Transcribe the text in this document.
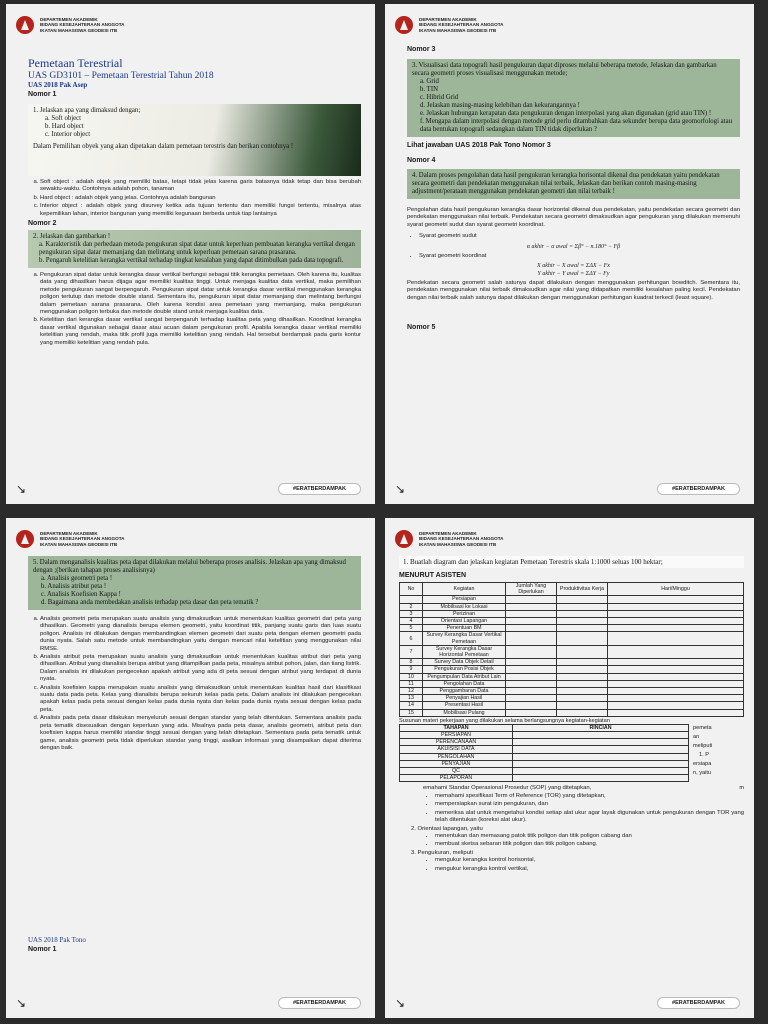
DEPARTEMEN AKADEMIK
BIDANG KESEJAHTERAAN ANGGOTA
IKATAN MAHASISWA GEODESI ITB
Pemetaan Terestrial
UAS GD3101 – Pemetaan Terestrial Tahun 2018
UAS 2018 Pak Asep
Nomor 1
1. Jelaskan apa yang dimaksud dengan;
a. Soft object
b. Hard object
c. Interior object
Dalam Pemilihan obyek yang akan dipetakan dalam pemetaan terestris dan berikan contohnya !
a. Soft object : adalah objek yang memiliki batas, tetapi tidak jelas karena garis batasnya tidak tetap dan bisa berubah sewaktu-waktu. Contohnya adalah pohon, tanaman
b. Hard object : adalah objek yang jelas. Contohnya adalah bangunan
c. Interior object : adalah objek yang disurvey ketika ada tujuan tertentu dan memiliki fungsi tertentu, misalnya atas kepemilikan lahan, interior bangunan yang memiliki kegunaan berbeda untuk tiap lantainya
Nomor 2
2. Jelaskan dan gambarkan !
a. Karakteristik dan perbedaan metoda pengukuran sipat datar untuk keperluan pembuatan kerangka vertikal dengan pengukuran sipat datar memanjang dan melintang untuk keperluan pemetaan sarana prasarana.
b. Pengaruh ketelitian kerangka vertikal terhadap tingkat kesalahan yang dapat ditimbulkan pada data topografi.
a. Pengukuran sipat datar untuk kerangka dasar vertikal berfungsi sebagai titik kerangka pemetaan. Oleh karena itu, kualitas data yang dihasilkan harus dijaga agar memiliki kualitas tinggi. Untuk menjaga kualitas data vertikal, maka pemilihan metode pengukuran sangat berpengaruh. Pengukuran sipat datar untuk kerangka dasar vertikal menggunakan kerangka poligon tertutup dan metode double stand. Sementara itu, pengukuran sipat datar memanjang dan melintang berfungsi dalam pemetaan sarana prasarana. Oleh karena kondisi area pemetaan yang memanjang, maka pengukuran menggunakan poligon terbuka dan metode double stand untuk menjaga kualitas data.
b. Ketelitian dari kerangka dasar vertikal sangat berpengaruh terhadap kualitas peta yang dihasilkan. Koordinat kerangka dasar vertikal digunakan sebagai dasar atau acuan dalam pengukuran profil. Apabila kerangka dasar vertikal memiliki ketelitian yang rendah, maka titik profil juga memiliki ketelitian yang rendah. Hal tersebut berdampak pada garis kontur yang memiliki ketelitian yang rendah pula.
↘	#ERATBERDAMPAK
DEPARTEMEN AKADEMIK
BIDANG KESEJAHTERAAN ANGGOTA
IKATAN MAHASISWA GEODESI ITB
Nomor 3
3. Visualisasi data topografi hasil pengukuran dapat diproses melalui beberapa metode, Jelaskan dan gambarkan secara geometri proses visualisasi menggunakan metode;
a. Grid
b. TIN
c. Hibrid Grid
d. Jelaskan masing-masing kelebihan dan kekurangannya !
e. Jelaskan hubungan kerapatan data pengukuran dengan interpolasi yang akan digunakan (grid atau TIN) !
f. Mengapa dalam interpolasi dengan metode grid perlu ditambahkan data sekunder berupa data geomorfologi atau data bentukan topografi sedangkan dalam TIN tidak diperlukan ?
Lihat jawaban UAS 2018 Pak Tono Nomor 3
Nomor 4
4. Dalam proses pengolahan data hasil pengukuran kerangka horisontal dikenal dua pendekatan yaitu pendekatan secara geometri dan pendekatan menggunakan nilai terbaik, Jelaskan dan berikan contoh masing-masing adjustment/perataan menggunakan pendekatan geometri dan nilai terbaik !
Pengolahan data hasil pengukuran kerangka dasar horizontal dikenal dua pendekatan, yaitu pendekatan secara geometri dan pendekatan menggunakan nilai terbaik. Pendekatan secara geometri dimaksudkan agar pengukuran yang dilakukan memenuhi syarat geometri sudut dan syarat geometri koordinat.
• Syarat geometri sudut
α akhir − α awal = Σβ° − n.180° − Fβ
• Syarat geometri koordinat
X akhir − X awal = ΣΔX − Fx
Y akhir − Y awal = ΣΔY − Fy
Pendekatan secara geometri salah satunya dapat dilakukan dengan menggunakan perhitungan bowditch. Sementara itu, pendekatan menggunakan nilai terbaik dimaksudkan agar nilai yang didapatkan memiliki kesalahan paling kecil. Pendekatan dengan nilai terbaik salah satunya dapat dilakukan dengan menggunakan perhitungan kuadrat terkecil (least square).
Nomor 5
↘	#ERATBERDAMPAK
DEPARTEMEN AKADEMIK
BIDANG KESEJAHTERAAN ANGGOTA
IKATAN MAHASISWA GEODESI ITB
5. Dalam menganalisis kualitas peta dapat dilakukan melalui beberapa proses analisis. Jelaskan apa yang dimaksud dengan ;(berikan tahapan proses analisisnya)
a. Analisis geometri peta !
b. Analisis atribut peta !
c. Analisis Koefisien Kappa !
d. Bagaimana anda membedakan analisis terhadap peta dasar dan peta tematik ?
a. Analisis geometri peta merupakan suatu analisis yang dimaksudkan untuk menentukan kualitas geometri dari peta yang dihasilkan. Geometri yang dianalisis berupa elemen geometri, yaitu koordinat titik, panjang suatu garis dan luas suatu poligon. Analisis ini dilakukan dengan membandingkan elemen geometri dari suatu peta dengan elemen geometri pada dunia nyata. Salah satu metode untuk membandingkan yaitu dengan mencari nilai ketelitian yang menggunakan nilai RMSE.
b. Analisis atribut peta merupakan suatu analisis yang dimaksudkan untuk menentukan kualitas atribut dari peta yang dihasilkan. Atribut yang dianalisis berupa atribut yang ditampilkan pada peta, misalnya atribut pohon, jalan, dan tiang listrik. Dalam analisis ini dilakukan pengecekan apakah atribut yang ada di peta sesuai dengan atribut yang terdapat di dunia nyata.
c. Analisis koefisien kappa merupakan suatu analisis yang dimaksudkan untuk menentukan kualitas hasil dari klasifikasi suatu data pada peta. Kelas yang dianalisis berupa sekuruh kelas pada peta. Dalam analisis ini dilakukan pengecekan apakah kelas pada peta sesuai dengan kelas pada dunia nyata dan kelas pada dunia nyata sesuai dengan kelas pada peta.
d. Analisis pada peta dasar dilakukan menyeluruh sesuai dengan standar yang telah ditentukan. Sementara analisis pada peta tematik disesuaikan dengan keperluan yang ada. Misalnya pada peta dasar, analisis geometri, atribut peta dan koefisien kappa harus memiliki standar tinggi sesuai dengan yang telah ditetapkan. Sementara pada peta tematik untuk game, analisis geometri peta tidak diperlukan standar yang tinggi, asalkan informasi yang disampaikan dapat diterima dengan baik.
UAS 2018 Pak Tono
Nomor 1
↘	#ERATBERDAMPAK
DEPARTEMEN AKADEMIK
BIDANG KESEJAHTERAAN ANGGOTA
IKATAN MAHASISWA GEODESI ITB
1. Buatlah diagram dan jelaskan kegiatan Pemetaan Terestris skala 1:1000 seluas 100 hektar;
MENURUT ASISTEN
No	Kegiatan	Jumlah Yang Diperlukan	Produktivitas Kerja	Hari/Minggu
	Persiapan			
2	Mobilisasi ke Lokasi			
3	Perizinan			
4	Orientasi Lapangan			
5	Penentuan BM			
6	Survey Kerangka Dasar Vertikal Pemetaan			
7	Survey Kerangka Dasar Horizontal Pemetaan			
8	Survey Data Objek Detail			
9	Pengukuran Posisi Objek			
10	Pengumpulan Data Atribut Lain			
11	Pengolahan Data			
12	Penggambaran Data			
13	Penyajian Hasil			
14	Presentasi Hasil			
15	Mobilisasi Pulang			
Susunan materi pekerjaan yang dilakukan selama berlangsungnya kegiatan-kegiatan
TAHAPAN	RINCIAN
PERSIAPAN	
PERENCANAAN	
AKUISISI DATA	
PENGOLAHAN	
PENYAJIAN	
QC	
PELAPORAN	
pemeta
an
meliputi
1. P
ersiapa
n, yaitu
m
emahami Standar Operasional Prosedur (SOP) yang ditetapkan,
• memahami spesifikasi Term of Reference (TOR) yang ditetapkan,
• mempersiapkan surat izin pengukuran, dan
• memeriksa alat untuk mengetahui kondisi setiap alat ukur agar layak digunakan untuk pengukuran dengan TOR yang telah ditentukan (koreksi alat ukur).
2. Orientasi lapangan, yaitu
• menentukan dan memasang patok titik poligon dan titik poligon cabang dan
• membuat sketsa sebaran titik poligon dan titik poligon cabang.
3. Pengukuran, meliputi
• mengukur kerangka kontrol horisontal,
• mengukur kerangka kontrol vertikal,
↘	#ERATBERDAMPAK
